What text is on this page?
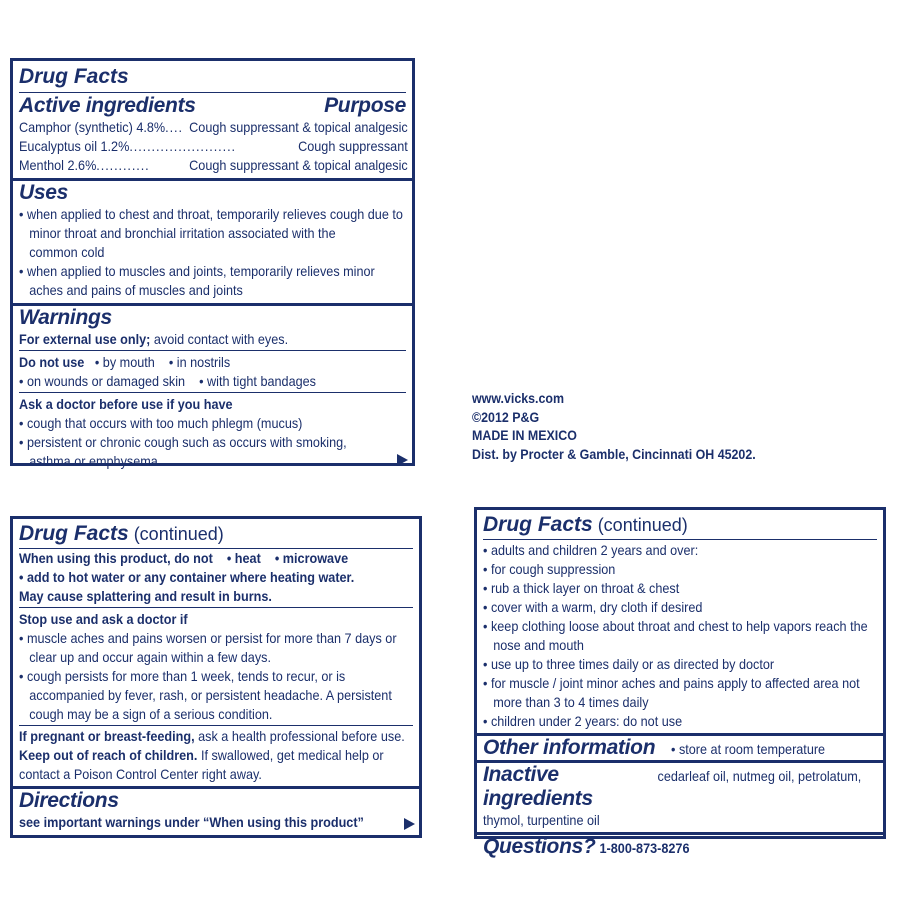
Drug Facts
Active ingredients	Purpose
Camphor (synthetic) 4.8% .... Cough suppressant & topical analgesic
Eucalyptus oil 1.2% ........................	Cough suppressant
Menthol 2.6% ............	Cough suppressant & topical analgesic
Uses
• when applied to chest and throat, temporarily relieves cough due to
minor throat and bronchial irritation associated with the
common cold
• when applied to muscles and joints, temporarily relieves minor
aches and pains of muscles and joints
Warnings
For external use only; avoid contact with eyes.
Do not use   • by mouth    • in nostrils
• on wounds or damaged skin    • with tight bandages
Ask a doctor before use if you have
• cough that occurs with too much phlegm (mucus)
• persistent or chronic cough such as occurs with smoking,
asthma or emphysema
www.vicks.com
©2012 P&G
MADE IN MEXICO
Dist. by Procter & Gamble, Cincinnati OH 45202.
Drug Facts (continued)
When using this product, do not    • heat    • microwave
• add to hot water or any container where heating water.
May cause splattering and result in burns.
Stop use and ask a doctor if
• muscle aches and pains worsen or persist for more than 7 days or
clear up and occur again within a few days.
• cough persists for more than 1 week, tends to recur, or is
accompanied by fever, rash, or persistent headache. A persistent
cough may be a sign of a serious condition.
If pregnant or breast-feeding, ask a health professional before use.
Keep out of reach of children. If swallowed, get medical help or
contact a Poison Control Center right away.
Directions
see important warnings under “When using this product”
Drug Facts (continued)
• adults and children 2 years and over:
• for cough suppression
• rub a thick layer on throat & chest
• cover with a warm, dry cloth if desired
• keep clothing loose about throat and chest to help vapors reach the
nose and mouth
• use up to three times daily or as directed by doctor
• for muscle / joint minor aches and pains apply to affected area not
more than 3 to 4 times daily
• children under 2 years: do not use
Other information • store at room temperature
Inactive ingredients
cedarleaf oil, nutmeg oil, petrolatum,
thymol, turpentine oil
Questions? 1-800-873-8276
